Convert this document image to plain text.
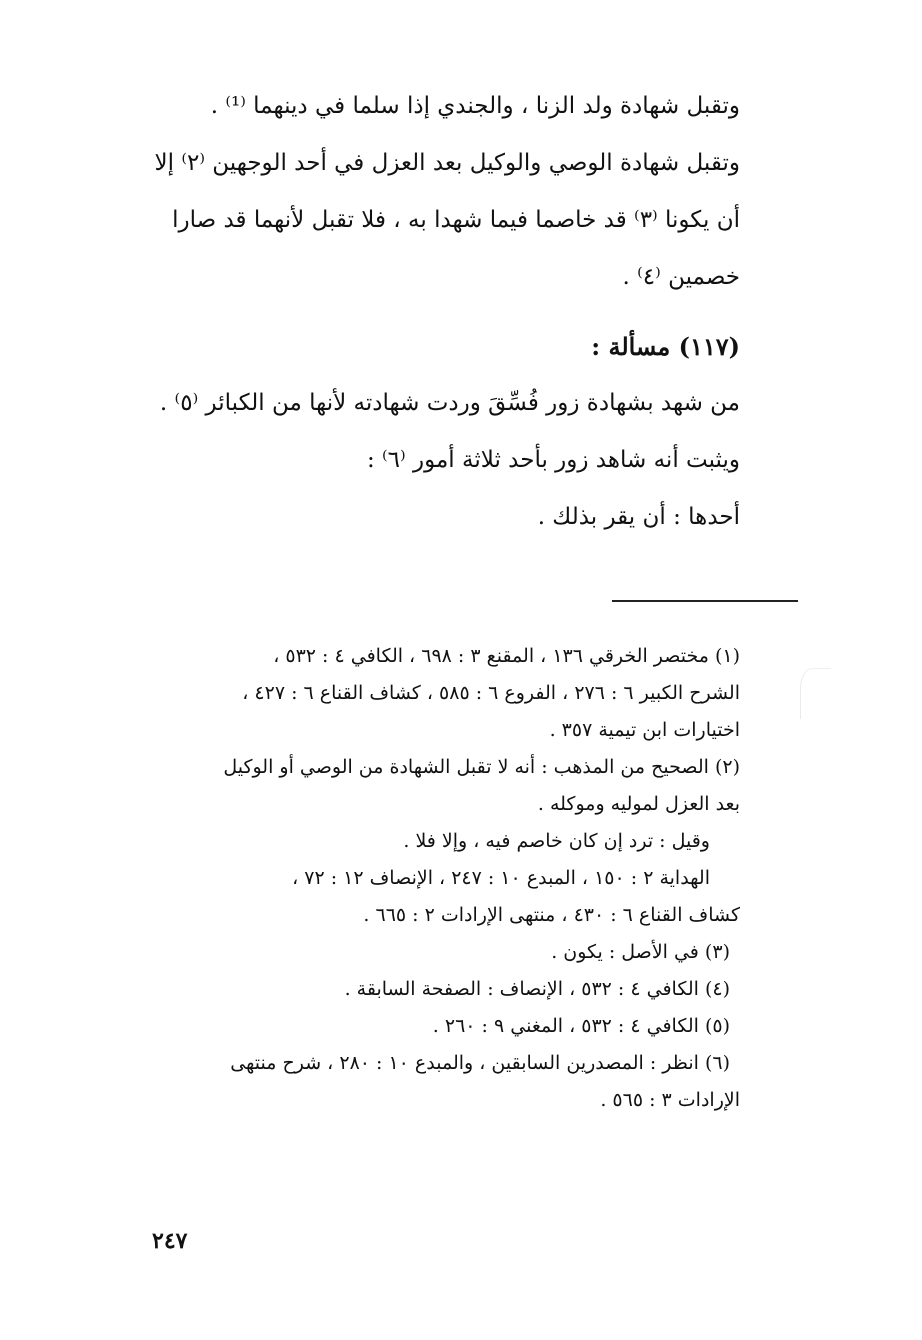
وتقبل شهادة ولد الزنا ، والجندي إذا سلما في دينهما ⁽¹⁾ .

وتقبل شهادة الوصي والوكيل بعد العزل في أحد الوجهين ⁽٢⁾ إلا
أن يكونا ⁽٣⁾ قد خاصما فيما شهدا به ، فلا تقبل لأنهما قد صارا
خصمين ⁽٤⁾ .

(١١٧) مسألة :

من شهد بشهادة زور فُسِّقَ وردت شهادته لأنها من الكبائر ⁽٥⁾ .

ويثبت أنه شاهد زور بأحد ثلاثة أمور ⁽٦⁾ :

أحدها : أن يقر بذلك .

(١) مختصر الخرقي ١٣٦ ، المقنع ٣ : ٦٩٨ ، الكافي ٤ : ٥٣٢ ،
الشرح الكبير ٦ : ٢٧٦ ، الفروع ٦ : ٥٨٥ ، كشاف القناع ٦ : ٤٢٧ ،
اختيارات ابن تيمية ٣٥٧ .

(٢) الصحيح من المذهب : أنه لا تقبل الشهادة من الوصي أو الوكيل
بعد العزل لموليه وموكله .

وقيل : ترد إن كان خاصم فيه ، وإلا فلا .

الهداية ٢ : ١٥٠ ، المبدع ١٠ : ٢٤٧ ، الإنصاف ١٢ : ٧٢ ،
كشاف القناع ٦ : ٤٣٠ ، منتهى الإرادات ٢ : ٦٦٥ .

(٣) في الأصل : يكون .

(٤) الكافي ٤ : ٥٣٢ ، الإنصاف : الصفحة السابقة .

(٥) الكافي ٤ : ٥٣٢ ، المغني ٩ : ٢٦٠ .

(٦) انظر : المصدرين السابقين ، والمبدع ١٠ : ٢٨٠ ، شرح منتهى
الإرادات ٣ : ٥٦٥ .

٢٤٧
